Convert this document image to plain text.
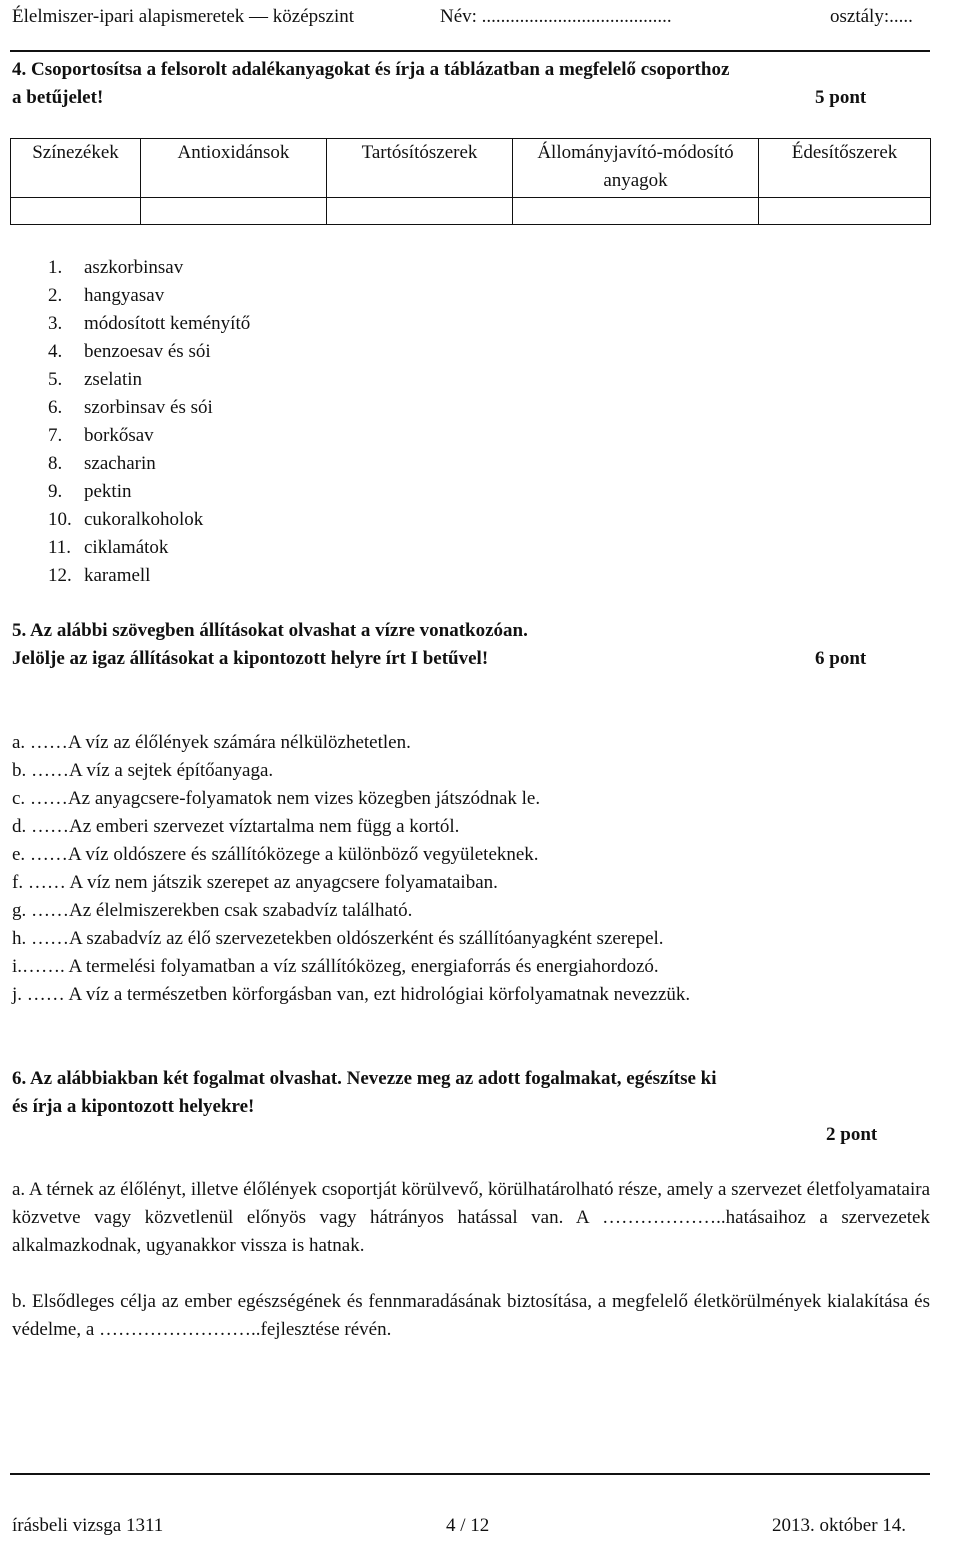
Élelmiszer-ipari alapismeretek — középszint	Név: ........................................	osztály:.....
4. Csoportosítsa a felsorolt adalékanyagokat és írja a táblázatban a megfelelő csoporthoz
a betűjelet!	5 pont
Színezékek	Antioxidánsok	Tartósítószerek	Állományjavító-módosító anyagok	Édesítőszerek

1. aszkorbinsav
2. hangyasav
3. módosított keményítő
4. benzoesav és sói
5. zselatin
6. szorbinsav és sói
7. borkősav
8. szacharin
9. pektin
10. cukoralkoholok
11. ciklamátok
12. karamell
5. Az alábbi szövegben állításokat olvashat a vízre vonatkozóan.
Jelölje az igaz állításokat a kipontozott helyre írt I betűvel!	6 pont
a. ……A víz az élőlények számára nélkülözhetetlen.
b. ……A víz a sejtek építőanyaga.
c. ……Az anyagcsere-folyamatok nem vizes közegben játszódnak le.
d. ……Az emberi szervezet víztartalma nem függ a kortól.
e. ……A víz oldószere és szállítóközege a különböző vegyületeknek.
f. …… A víz nem játszik szerepet az anyagcsere folyamataiban.
g. ……Az élelmiszerekben csak szabadvíz található.
h. ……A szabadvíz az élő szervezetekben oldószerként és szállítóanyagként szerepel.
i.……. A termelési folyamatban a víz szállítóközeg, energiaforrás és energiahordozó.
j. …… A víz a természetben körforgásban van, ezt hidrológiai körfolyamatnak nevezzük.
6. Az alábbiakban két fogalmat olvashat. Nevezze meg az adott fogalmakat, egészítse ki
és írja a kipontozott helyekre!
2 pont
a. A térnek az élőlényt, illetve élőlények csoportját körülvevő, körülhatárolható része, amely a szervezet életfolyamataira közvetve vagy közvetlenül előnyös vagy hátrányos hatással van. A ………………..hatásaihoz a szervezetek alkalmazkodnak, ugyanakkor vissza is hatnak.
b. Elsődleges célja az ember egészségének és fennmaradásának biztosítása, a megfelelő életkörülmények kialakítása és védelme, a ……………………..fejlesztése révén.
írásbeli vizsga 1311	4 / 12	2013. október 14.
